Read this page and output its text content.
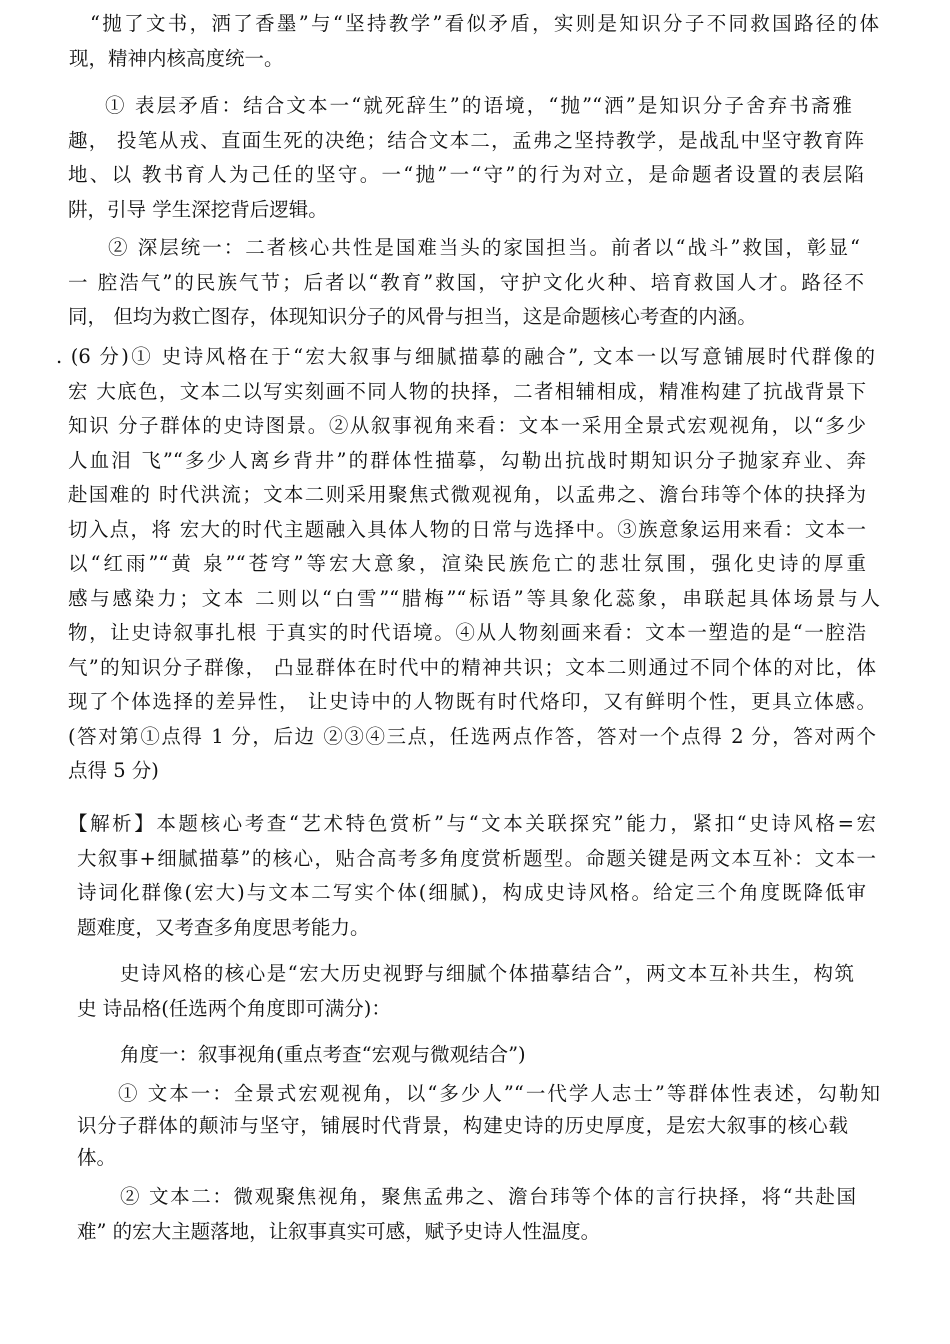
“抛了文书，洒了香墨”与“坚持教学”看似矛盾，实则是知识分子不同救国路径的体
现，精神内核高度统一。
① 表层矛盾：结合文本一“就死辞生”的语境，“抛”“洒”是知识分子舍弃书斋雅
趣， 投笔从戎、直面生死的决绝；结合文本二，孟弗之坚持教学，是战乱中坚守教育阵
地、以 教书育人为己任的坚守。一“抛”一“守”的行为对立，是命题者设置的表层陷
阱，引导 学生深挖背后逻辑。
② 深层统一：二者核心共性是国难当头的家国担当。前者以“战斗”救国，彰显“
一 腔浩气”的民族气节；后者以“教育”救国，守护文化火种、培育救国人才。路径不
同， 但均为救亡图存，体现知识分子的风骨与担当，这是命题核心考查的内涵。
. (6 分)① 史诗风格在于“宏大叙事与细腻描摹的融合”, 文本一以写意铺展时代群像的
宏 大底色，文本二以写实刻画不同人物的抉择，二者相辅相成，精准构建了抗战背景下
知识 分子群体的史诗图景。②从叙事视角来看：文本一采用全景式宏观视角，以“多少
人血泪 飞”“多少人离乡背井”的群体性描摹，勾勒出抗战时期知识分子抛家弃业、奔
赴国难的 时代洪流；文本二则采用聚焦式微观视角，以孟弗之、澹台玮等个体的抉择为
切入点，将 宏大的时代主题融入具体人物的日常与选择中。③族意象运用来看：文本一
以“红雨”“黄 泉”“苍穹”等宏大意象，渲染民族危亡的悲壮氛围，强化史诗的厚重
感与感染力；文本 二则以“白雪”“腊梅”“标语”等具象化蕊象，串联起具体场景与人
物，让史诗叙事扎根 于真实的时代语境。④从人物刻画来看：文本一塑造的是“一腔浩
气”的知识分子群像， 凸显群体在时代中的精神共识；文本二则通过不同个体的对比，体
现了个体选择的差异性， 让史诗中的人物既有时代烙印，又有鲜明个性，更具立体感。
(答对第①点得 1 分，后边 ②③④三点，任选两点作答，答对一个点得 2 分，答对两个
点得 5 分)
【解析】本题核心考查“艺术特色赏析”与“文本关联探究”能力，紧扣“史诗风格=宏
大叙事+细腻描摹”的核心，贴合高考多角度赏析题型。命题关键是两文本互补：文本一
诗词化群像(宏大)与文本二写实个体(细腻)，构成史诗风格。给定三个角度既降低审
题难度，又考查多角度思考能力。
史诗风格的核心是“宏大历史视野与细腻个体描摹结合”，两文本互补共生，构筑
史 诗品格(任选两个角度即可满分)：
角度一：叙事视角(重点考查“宏观与微观结合”)
① 文本一：全景式宏观视角，以“多少人”“一代学人志士”等群体性表述，勾勒知
识分子群体的颠沛与坚守，铺展时代背景，构建史诗的历史厚度，是宏大叙事的核心载
体。
② 文本二：微观聚焦视角，聚焦孟弗之、澹台玮等个体的言行抉择，将“共赴国
难” 的宏大主题落地，让叙事真实可感，赋予史诗人性温度。
